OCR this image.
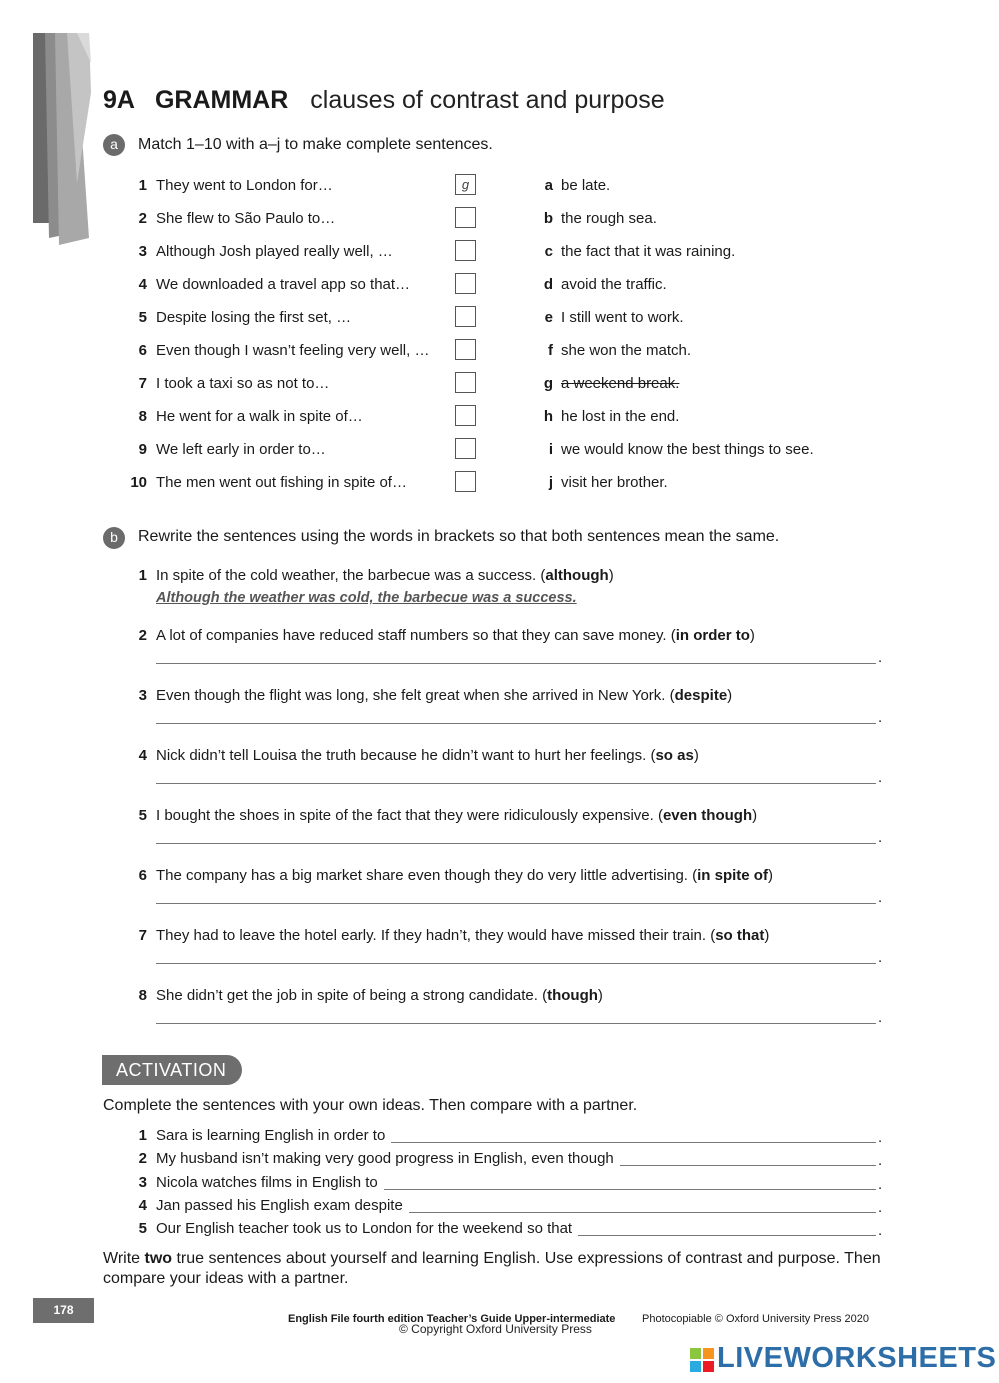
9A GRAMMAR clauses of contrast and purpose
a	Match 1–10 with a–j to make complete sentences.
1 They went to London for…	g	a be late.
2 She flew to São Paulo to…	b the rough sea.
3 Although Josh played really well, …	c the fact that it was raining.
4 We downloaded a travel app so that…	d avoid the traffic.
5 Despite losing the first set, …	e I still went to work.
6 Even though I wasn’t feeling very well, …	f she won the match.
7 I took a taxi so as not to…	g a weekend break.
8 He went for a walk in spite of…	h he lost in the end.
9 We left early in order to…	i we would know the best things to see.
10 The men went out fishing in spite of…	j visit her brother.
b	Rewrite the sentences using the words in brackets so that both sentences mean the same.
1 In spite of the cold weather, the barbecue was a success. (although)
Although the weather was cold, the barbecue was a success.
2 A lot of companies have reduced staff numbers so that they can save money. (in order to)
.
3 Even though the flight was long, she felt great when she arrived in New York. (despite)
.
4 Nick didn’t tell Louisa the truth because he didn’t want to hurt her feelings. (so as)
.
5 I bought the shoes in spite of the fact that they were ridiculously expensive. (even though)
.
6 The company has a big market share even though they do very little advertising. (in spite of)
.
7 They had to leave the hotel early. If they hadn’t, they would have missed their train. (so that)
.
8 She didn’t get the job in spite of being a strong candidate. (though)
.
ACTIVATION
Complete the sentences with your own ideas. Then compare with a partner.
1 Sara is learning English in order to	.
2 My husband isn’t making very good progress in English, even though	.
3 Nicola watches films in English to	.
4 Jan passed his English exam despite	.
5 Our English teacher took us to London for the weekend so that	.
Write two true sentences about yourself and learning English. Use expressions of contrast and purpose. Then compare your ideas with a partner.
178
English File fourth edition Teacher’s Guide Upper-intermediate Photocopiable © Oxford University Press 2020
© Copyright Oxford University Press
LIVEWORKSHEETS
